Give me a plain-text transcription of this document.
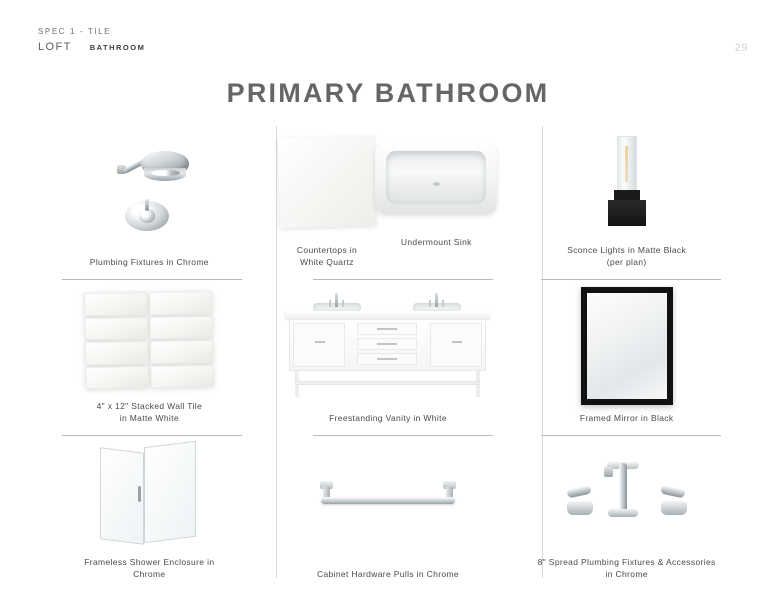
SPEC 1 - TILE
LOFT BATHROOM	29
PRIMARY BATHROOM
Plumbing Fixtures in Chrome
Countertops in
White Quartz
Undermount Sink
Sconce Lights in Matte Black
(per plan)
4" x 12" Stacked Wall Tile
in Matte White	Freestanding Vanity in White	Framed Mirror in Black
Frameless Shower Enclosure in
Chrome	Cabinet Hardware Pulls in Chrome
8" Spread Plumbing Fixtures & Accessories
in Chrome
